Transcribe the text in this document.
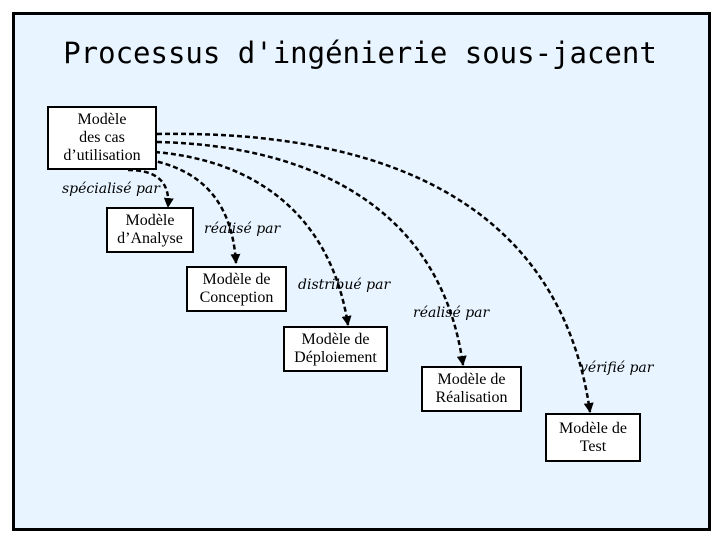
Processus d'ingénierie sous-jacent
Modèle
des cas
d’utilisation
Modèle
d’Analyse
Modèle de
Conception
Modèle de
Déploiement
Modèle de
Réalisation
Modèle de
Test
spécialisé par
réalisé par
distribué par
réalisé par
vérifié par
